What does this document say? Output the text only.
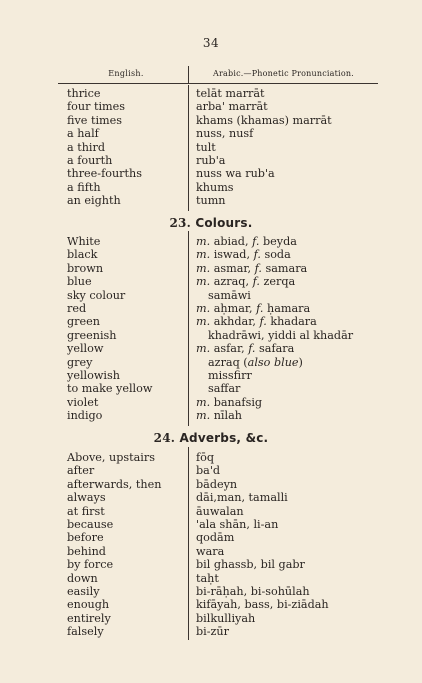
34
English.	Arabic.—Phonetic Pronunciation.
thrice	telāt marrāt
four times	arba' marrāt
five times	khams (khamas) marrāt
a half	nuss, nusf
a third	tult
a fourth	rub'a
three-fourths	nuss wa rub'a
a fifth	khums
an eighth	tumn
23. Colours.
White	m. abiad, f. beyda
black	m. iswad, f. soda
brown	m. asmar, f. samara
blue	m. azraq, f. zerqa
sky colour	samāwi
red	m. aḥmar, f. ḥamara
green	m. akhdar, f. khadara
greenish	khadrāwi, yiddi al khadār
yellow	m. asfar, f. safara
grey	azraq (also blue)
yellowish	missfirr
to make yellow	saffar
violet	m. banafsig
indigo	m. nīlah
24. Adverbs, &c.
Above, upstairs	fōq
after	ba'd
afterwards, then	bādeyn
always	dāi,man, tamalli
at first	āuwalan
because	'ala shān, li-an
before	qodām
behind	wara
by force	bil ghassb, bil gabr
down	taḥt
easily	bi-rāḥah, bi-sohūlah
enough	kifāyah, bass, bi-ziādah
entirely	bilkulliyah
falsely	bi-zūr
